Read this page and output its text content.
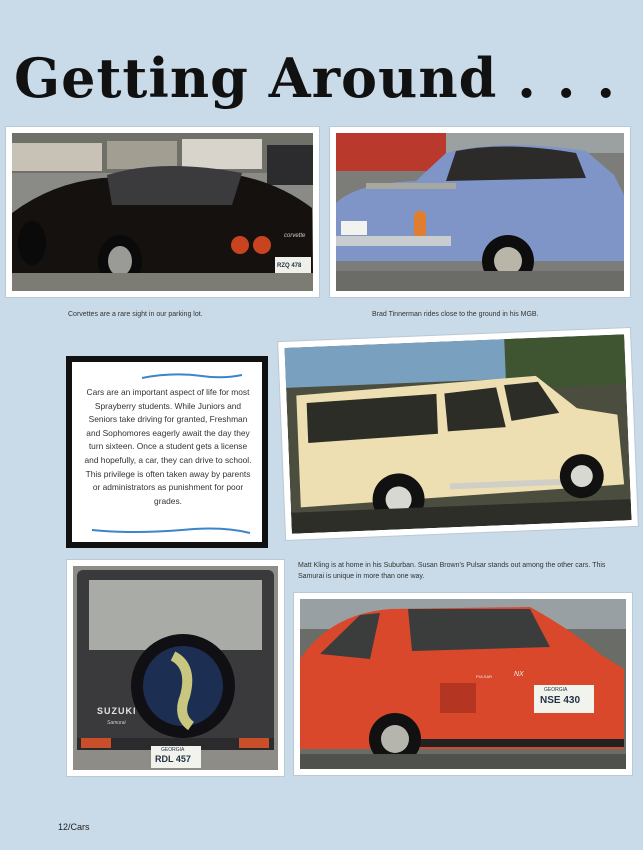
Getting Around . . .
corvette
RZQ 478
Corvettes are a rare sight in our parking lot.	Brad Tinnerman rides close to the ground in his MGB.
Cars are an important aspect of life for most Sprayberry students. While Juniors and Seniors take driving for granted, Freshman and Sophomores eagerly await the day they turn sixteen. Once a student gets a license and hopefully, a car, they can drive to school. This privilege is often taken away by parents or administrators as punishment for poor grades.
Matt Kling is at home in his Suburban. Susan Brown's Pulsar stands out among the other cars. This Samurai is unique in more than one way.
SUZUKI
Samurai
GEORGIA
RDL 457
NX
PULSAR
GEORGIA
NSE 430
12/Cars
